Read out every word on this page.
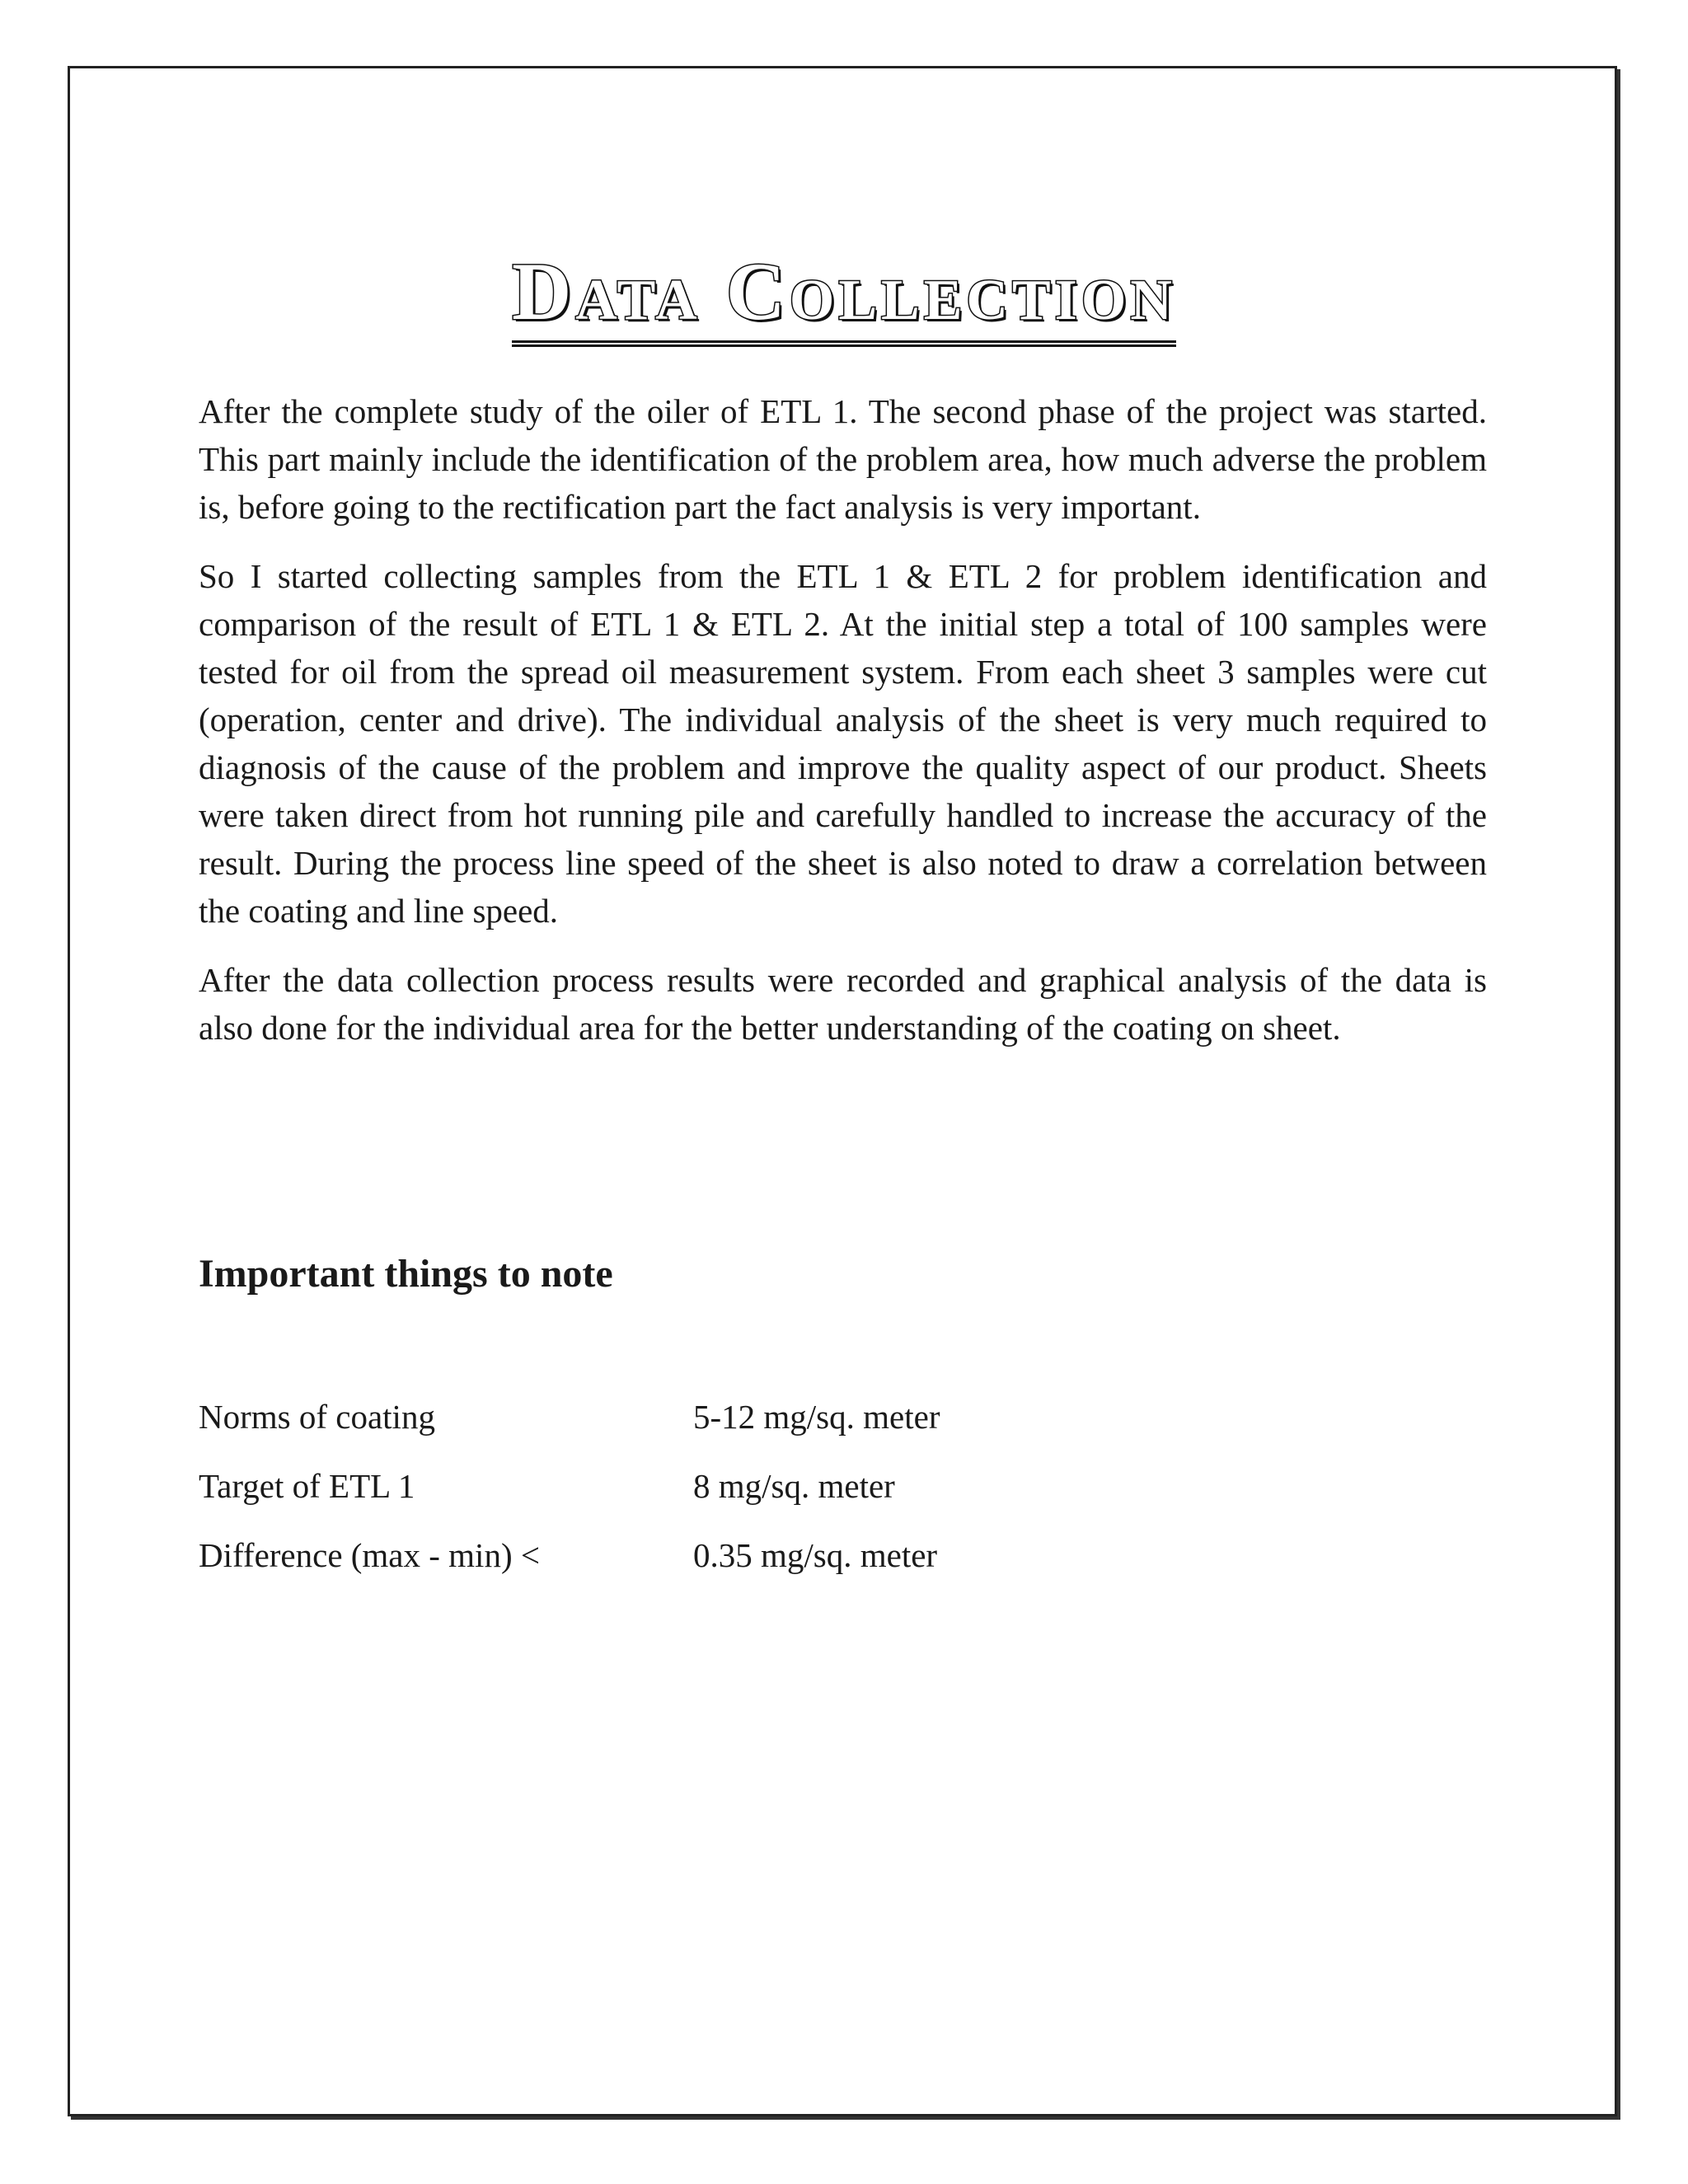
Data Collection

After the complete study of the oiler of ETL 1. The second phase of the project was started. This part mainly include the identification of the problem area, how much adverse the problem is, before going to the rectification part the fact analysis is very important.

So I started collecting samples from the ETL 1 & ETL 2 for problem identification and comparison of the result of ETL 1 & ETL 2. At the initial step a total of 100 samples were tested for oil from the spread oil measurement system. From each sheet 3 samples were cut (operation, center and drive). The individual analysis of the sheet is very much required to diagnosis of the cause of the problem and improve the quality aspect of our product. Sheets were taken direct from hot running pile and carefully handled to increase the accuracy of the result. During the process line speed of the sheet is also noted to draw a correlation between the coating and line speed.

After the data collection process results were recorded and graphical analysis of the data is also done for the individual area for the better understanding of the coating on sheet.

Important things to note
Norms of coating	5-12 mg/sq. meter
Target of ETL 1	8 mg/sq. meter
Difference (max - min) <	0.35 mg/sq. meter
